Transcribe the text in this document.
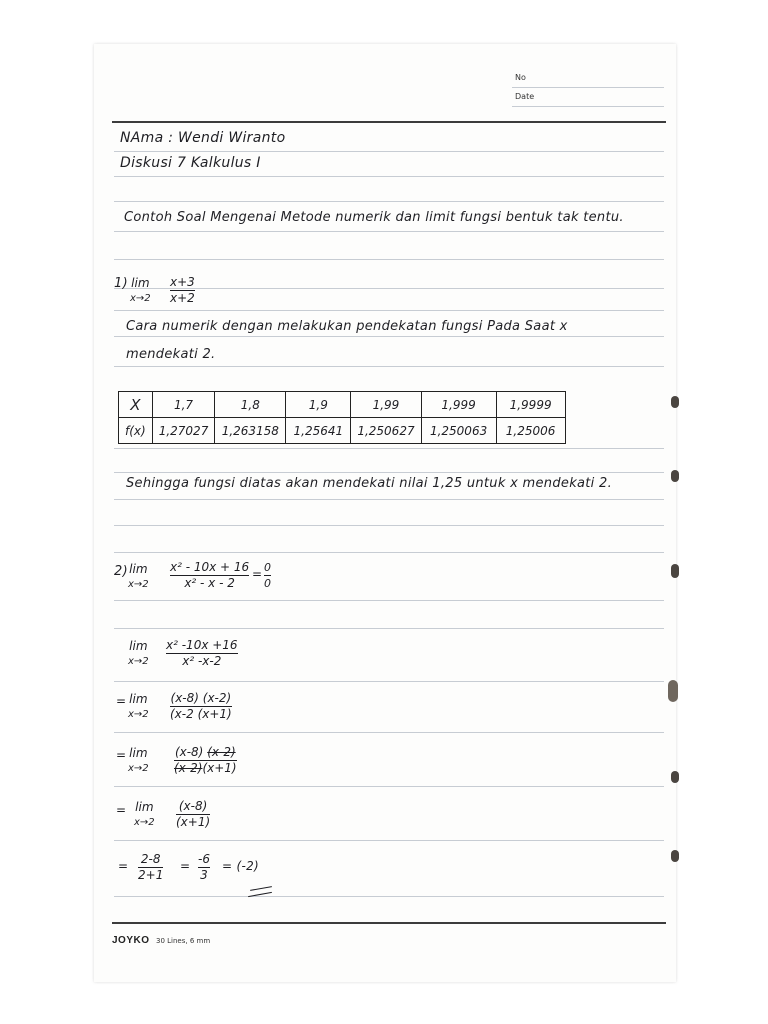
No
Date
NAma : Wendi Wiranto
Diskusi 7 Kalkulus I
Contoh Soal Mengenai Metode numerik dan limit fungsi bentuk tak tentu.
1) lim
x→2
x+3
x+2
Cara numerik dengan melakukan pendekatan fungsi Pada Saat x
mendekati 2.
X	1,7	1,8	1,9	1,99	1,999	1,9999
f(x)	1,27027	1,263158	1,25641	1,250627	1,250063	1,25006
Sehingga fungsi diatas akan mendekati nilai 1,25 untuk x mendekati 2.
2) lim
x→2
x² - 10x + 16
x² - x - 2
= 0
0
lim
x→2
x² -10x +16
x² -x-2
= lim
x→2
(x-8) (x-2)
(x-2 (x+1)
= lim
x→2
(x-8) (x-2)
(x-2)(x+1)
= lim
x→2
(x-8)
(x+1)
= 2-8
2+1
= -6
3
= (-2)
JOYKO 30 Lines, 6 mm
